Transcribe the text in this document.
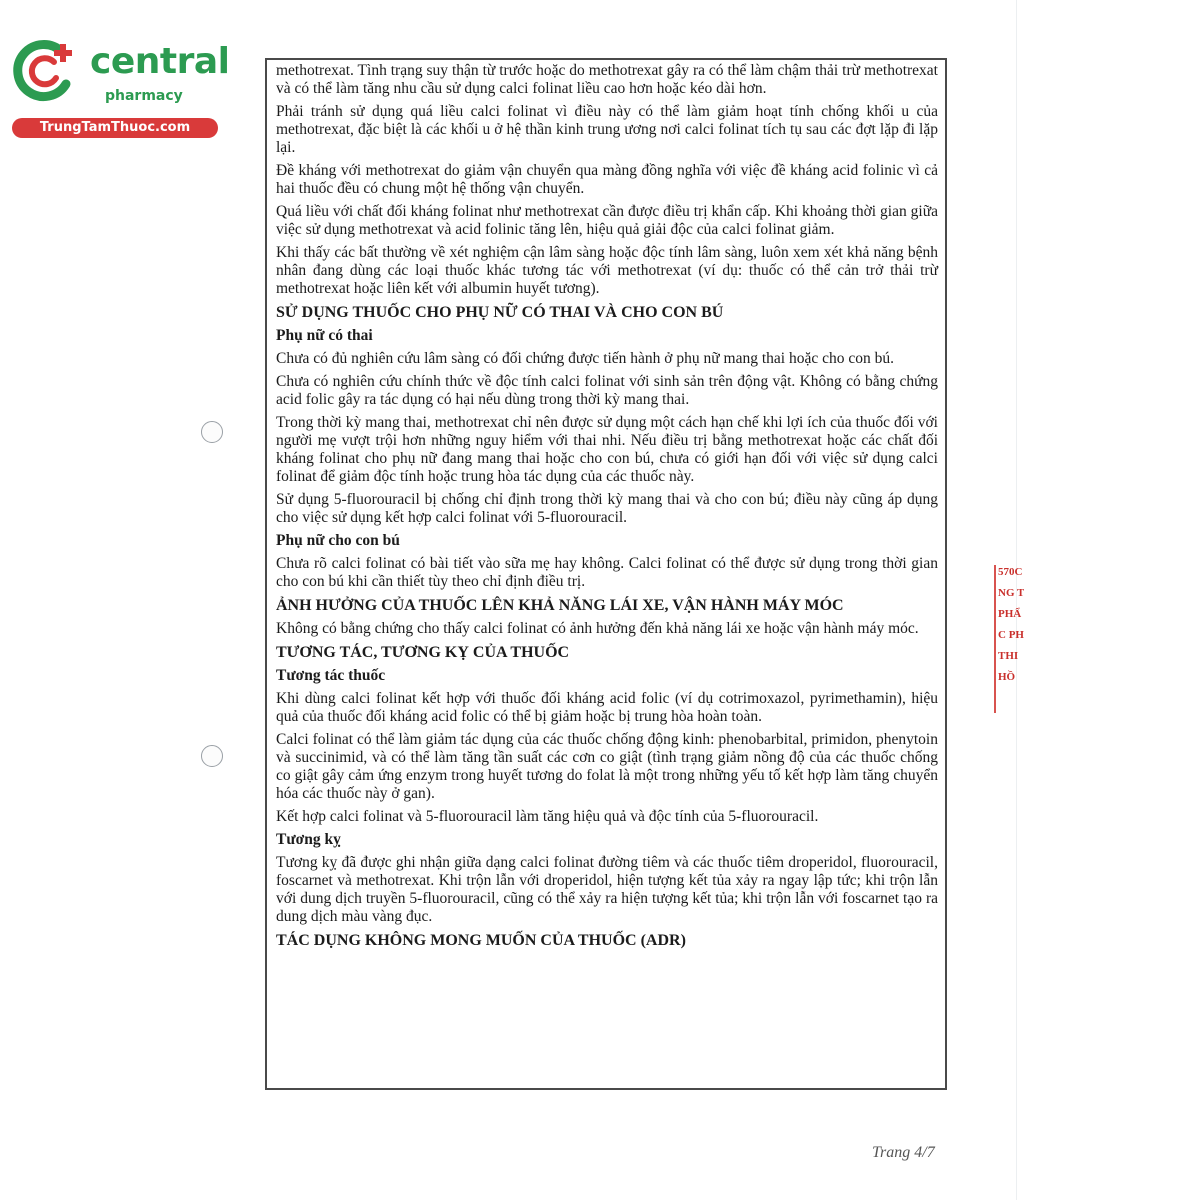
central
pharmacy
TrungTamThuoc.com
methotrexat. Tình trạng suy thận từ trước hoặc do methotrexat gây ra có thể làm chậm thải trừ methotrexat và có thể làm tăng nhu cầu sử dụng calci folinat liều cao hơn hoặc kéo dài hơn.
Phải tránh sử dụng quá liều calci folinat vì điều này có thể làm giảm hoạt tính chống khối u của methotrexat, đặc biệt là các khối u ở hệ thần kinh trung ương nơi calci folinat tích tụ sau các đợt lặp đi lặp lại.
Đề kháng với methotrexat do giảm vận chuyển qua màng đồng nghĩa với việc đề kháng acid folinic vì cả hai thuốc đều có chung một hệ thống vận chuyển.
Quá liều với chất đối kháng folinat như methotrexat cần được điều trị khẩn cấp. Khi khoảng thời gian giữa việc sử dụng methotrexat và acid folinic tăng lên, hiệu quả giải độc của calci folinat giảm.
Khi thấy các bất thường về xét nghiệm cận lâm sàng hoặc độc tính lâm sàng, luôn xem xét khả năng bệnh nhân đang dùng các loại thuốc khác tương tác với methotrexat (ví dụ: thuốc có thể cản trở thải trừ methotrexat hoặc liên kết với albumin huyết tương).
SỬ DỤNG THUỐC CHO PHỤ NỮ CÓ THAI VÀ CHO CON BÚ
Phụ nữ có thai
Chưa có đủ nghiên cứu lâm sàng có đối chứng được tiến hành ở phụ nữ mang thai hoặc cho con bú.
Chưa có nghiên cứu chính thức về độc tính calci folinat với sinh sản trên động vật. Không có bằng chứng acid folic gây ra tác dụng có hại nếu dùng trong thời kỳ mang thai.
Trong thời kỳ mang thai, methotrexat chỉ nên được sử dụng một cách hạn chế khi lợi ích của thuốc đối với người mẹ vượt trội hơn những nguy hiểm với thai nhi. Nếu điều trị bằng methotrexat hoặc các chất đối kháng folinat cho phụ nữ đang mang thai hoặc cho con bú, chưa có giới hạn đối với việc sử dụng calci folinat để giảm độc tính hoặc trung hòa tác dụng của các thuốc này.
Sử dụng 5-fluorouracil bị chống chỉ định trong thời kỳ mang thai và cho con bú; điều này cũng áp dụng cho việc sử dụng kết hợp calci folinat với 5-fluorouracil.
Phụ nữ cho con bú
Chưa rõ calci folinat có bài tiết vào sữa mẹ hay không. Calci folinat có thể được sử dụng trong thời gian cho con bú khi cần thiết tùy theo chỉ định điều trị.
ẢNH HƯỞNG CỦA THUỐC LÊN KHẢ NĂNG LÁI XE, VẬN HÀNH MÁY MÓC
Không có bằng chứng cho thấy calci folinat có ảnh hưởng đến khả năng lái xe hoặc vận hành máy móc.
TƯƠNG TÁC, TƯƠNG KỴ CỦA THUỐC
Tương tác thuốc
Khi dùng calci folinat kết hợp với thuốc đối kháng acid folic (ví dụ cotrimoxazol, pyrimethamin), hiệu quả của thuốc đối kháng acid folic có thể bị giảm hoặc bị trung hòa hoàn toàn.
Calci folinat có thể làm giảm tác dụng của các thuốc chống động kinh: phenobarbital, primidon, phenytoin và succinimid, và có thể làm tăng tần suất các cơn co giật (tình trạng giảm nồng độ của các thuốc chống co giật gây cảm ứng enzym trong huyết tương do folat là một trong những yếu tố kết hợp làm tăng chuyển hóa các thuốc này ở gan).
Kết hợp calci folinat và 5-fluorouracil làm tăng hiệu quả và độc tính của 5-fluorouracil.
Tương kỵ
Tương kỵ đã được ghi nhận giữa dạng calci folinat đường tiêm và các thuốc tiêm droperidol, fluorouracil, foscarnet và methotrexat. Khi trộn lẫn với droperidol, hiện tượng kết tủa xảy ra ngay lập tức; khi trộn lẫn với dung dịch truyền 5-fluorouracil, cũng có thể xảy ra hiện tượng kết tủa; khi trộn lẫn với foscarnet tạo ra dung dịch màu vàng đục.
TÁC DỤNG KHÔNG MONG MUỐN CỦA THUỐC (ADR)
570C
NG T
PHẨ
C PH
THI
HỒ
Trang 4/7
